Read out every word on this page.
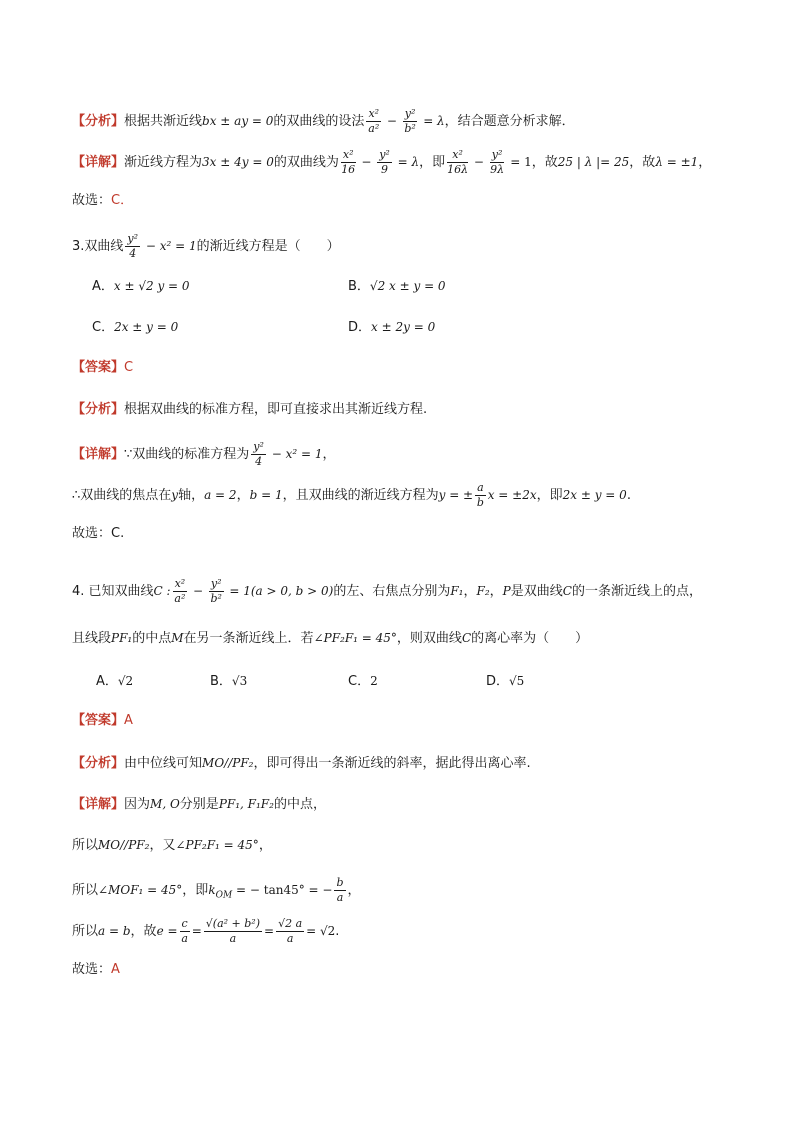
【分析】根据共渐近线bx ± ay = 0的双曲线的设法 $\frac{\text{x²}}{\text{a²}} - \frac{\text{y²}}{\text{b²}} = \lambda$，结合题意分析求解．
【详解】渐近线方程为3x ± 4y = 0的双曲线为 $\frac{\text{x²}}{16} - \frac{\text{y²}}{9} = \lambda$，即 $\frac{\text{x²}}{16\lambda} - \frac{\text{y²}}{9\lambda} = 1$，故25 | λ |= 25，故λ = ±1，
故选：C．
3.双曲线 $\frac{\text{y²}}{4} - x^2 = 1$的渐近线方程是（　　）
A．x ± √2 y = 0	B．√2 x ± y = 0
C．2x ± y = 0	D．x ± 2y = 0
【答案】C
【分析】根据双曲线的标准方程，即可直接求出其渐近线方程.
【详解】∵双曲线的标准方程为 $\frac{\text{y²}}{4} - x^2 = 1$，
∴双曲线的焦点在y轴，a = 2，b = 1，且双曲线的渐近线方程为y = ± $\frac{a}{b}$ x = ±2x，即2x ± y = 0.
故选：C.
4. 已知双曲线C : $\frac{\text{x²}}{\text{a²}} - \frac{\text{y²}}{\text{b²}} = 1(a > 0$, b > 0)的左、右焦点分别为F₁，F₂，P是双曲线C的一条渐近线上的点，
且线段PF₁的中点M在另一条渐近线上．若∠PF₂F₁ = 45°，则双曲线C的离心率为（　　）
A．√2	B．√3	C．2	D．√5
【答案】A
【分析】由中位线可知MO//PF₂，即可得出一条渐近线的斜率，据此得出离心率.
【详解】因为M, O分别是PF₁, F₁F₂的中点，
所以MO//PF₂，又∠PF₂F₁ = 45°，
所以∠MOF₁ = 45°，即$k_{OM}$ = − tan45° = − $\frac{b}{a}$ ，
所以a = b，故$e = \frac{c}{a} = \frac{\text{√(a² + b²)}}{a} = \frac{√2 a}{a} = √2$.
故选：A
